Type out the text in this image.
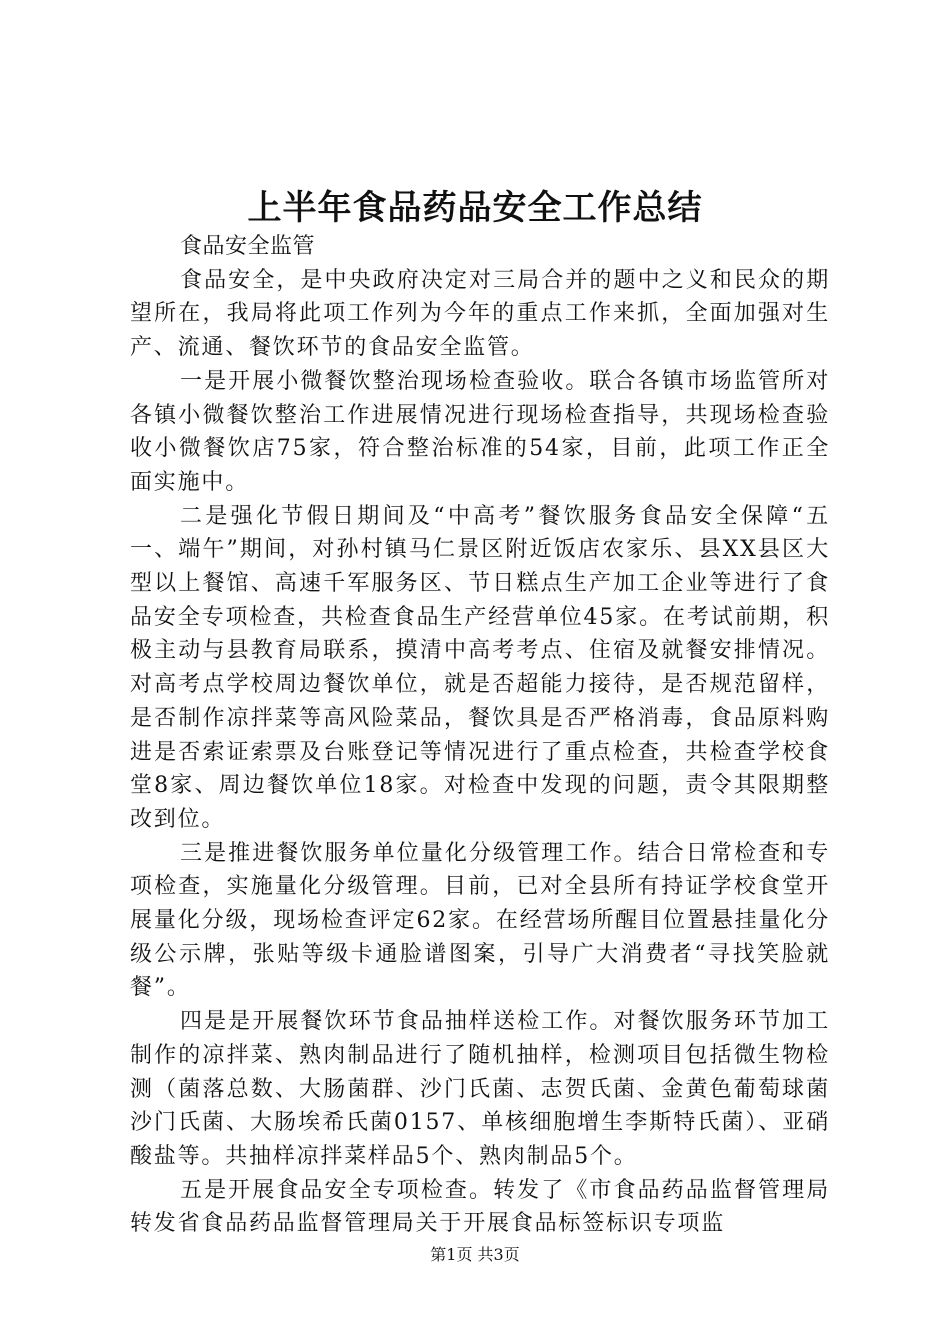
上半年食品药品安全工作总结

食品安全监管

食品安全，是中央政府决定对三局合并的题中之义和民众的期望所在，我局将此项工作列为今年的重点工作来抓，全面加强对生产、流通、餐饮环节的食品安全监管。

一是开展小微餐饮整治现场检查验收。联合各镇市场监管所对各镇小微餐饮整治工作进展情况进行现场检查指导，共现场检查验收小微餐饮店75家，符合整治标准的54家，目前，此项工作正全面实施中。

二是强化节假日期间及“中高考”餐饮服务食品安全保障“五一、端午”期间，对孙村镇马仁景区附近饭店农家乐、县XX县区大型以上餐馆、高速千军服务区、节日糕点生产加工企业等进行了食品安全专项检查，共检查食品生产经营单位45家。在考试前期，积极主动与县教育局联系，摸清中高考考点、住宿及就餐安排情况。对高考点学校周边餐饮单位，就是否超能力接待，是否规范留样，是否制作凉拌菜等高风险菜品，餐饮具是否严格消毒，食品原料购进是否索证索票及台账登记等情况进行了重点检查，共检查学校食堂8家、周边餐饮单位18家。对检查中发现的问题，责令其限期整改到位。

三是推进餐饮服务单位量化分级管理工作。结合日常检查和专项检查，实施量化分级管理。目前，已对全县所有持证学校食堂开展量化分级，现场检查评定62家。在经营场所醒目位置悬挂量化分级公示牌，张贴等级卡通脸谱图案，引导广大消费者“寻找笑脸就餐”。

四是是开展餐饮环节食品抽样送检工作。对餐饮服务环节加工制作的凉拌菜、熟肉制品进行了随机抽样，检测项目包括微生物检测（菌落总数、大肠菌群、沙门氏菌、志贺氏菌、金黄色葡萄球菌沙门氏菌、大肠埃希氏菌0157、单核细胞增生李斯特氏菌）、亚硝酸盐等。共抽样凉拌菜样品5个、熟肉制品5个。

五是开展食品安全专项检查。转发了《市食品药品监督管理局转发省食品药品监督管理局关于开展食品标签标识专项监

第1页 共3页
